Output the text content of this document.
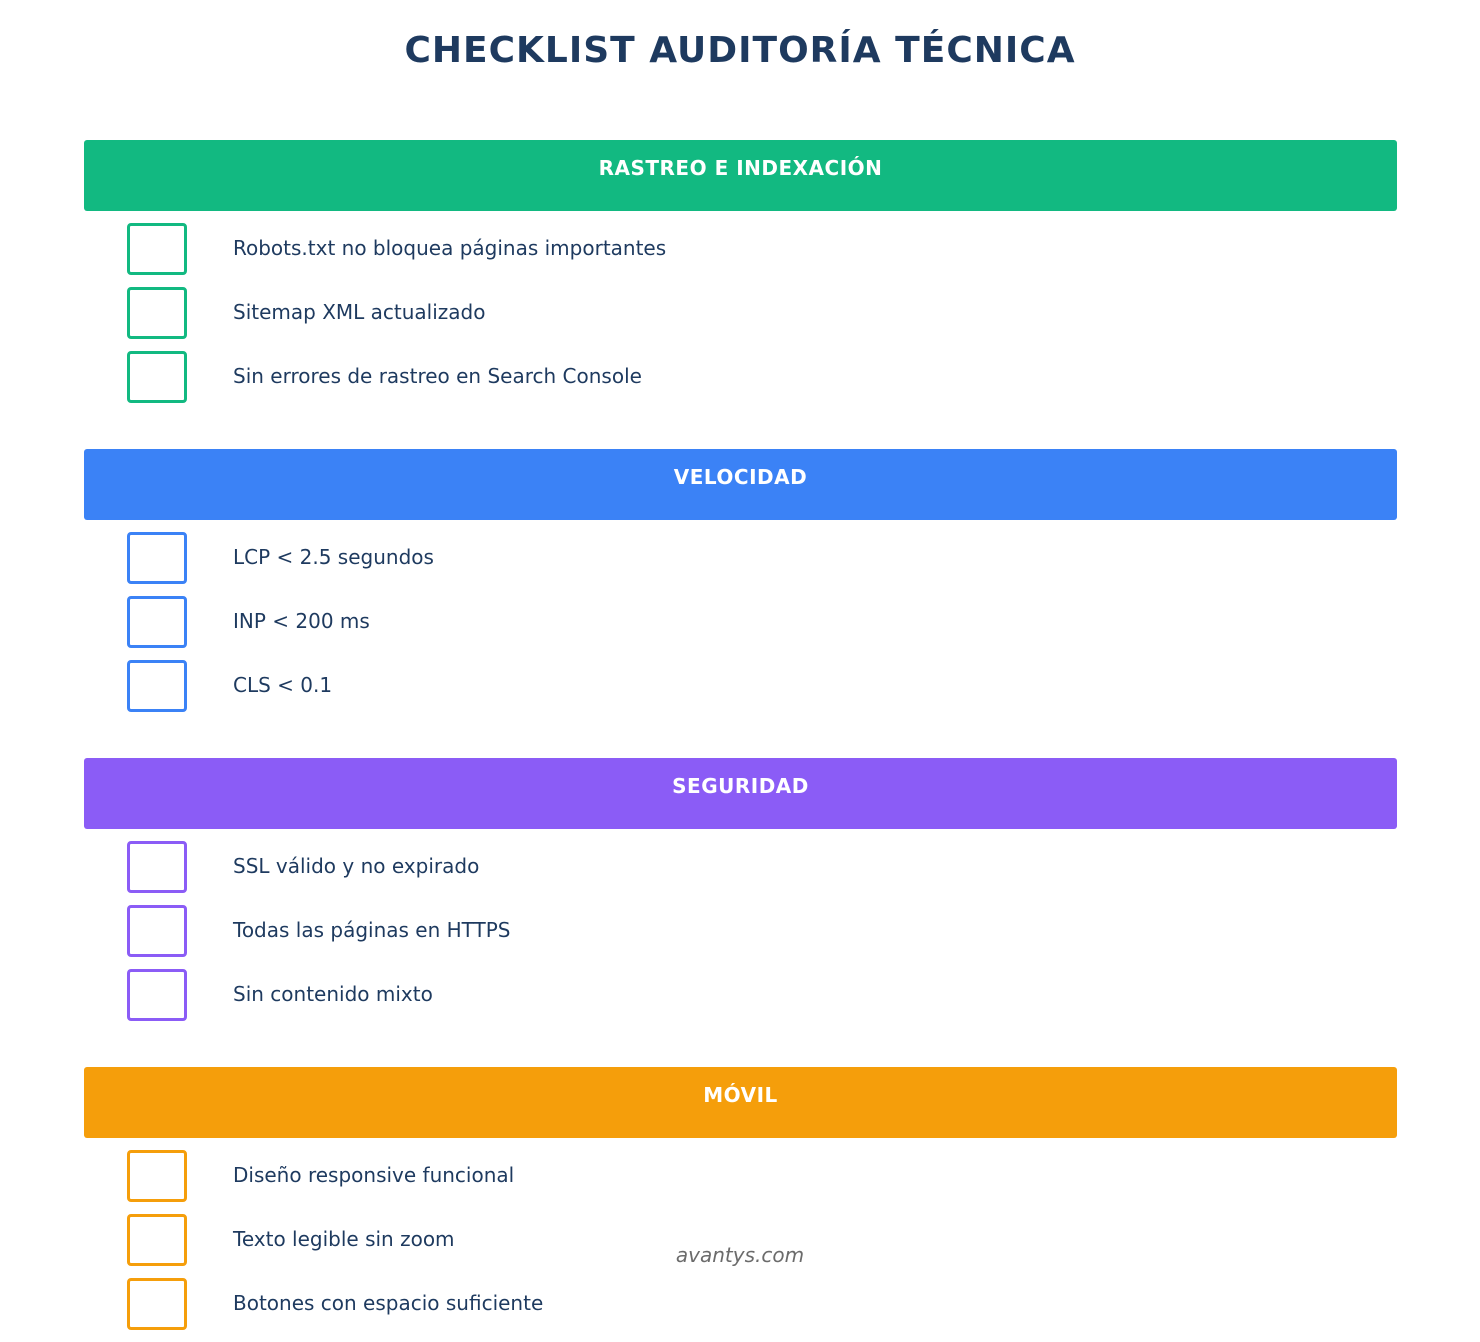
CHECKLIST AUDITORÍA TÉCNICA
RASTREO E INDEXACIÓN
Robots.txt no bloquea páginas importantes
Sitemap XML actualizado
Sin errores de rastreo en Search Console
VELOCIDAD
LCP < 2.5 segundos
INP < 200 ms
CLS < 0.1
SEGURIDAD
SSL válido y no expirado
Todas las páginas en HTTPS
Sin contenido mixto
MÓVIL
Diseño responsive funcional
Texto legible sin zoom
Botones con espacio suficiente
avantys.com
